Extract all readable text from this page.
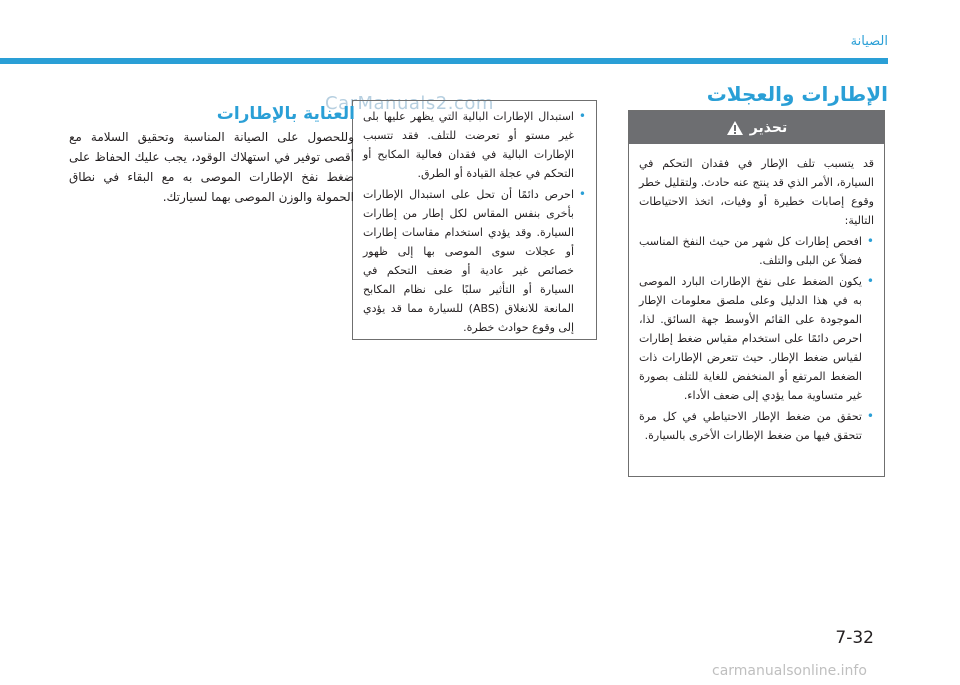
الصيانة
CarManuals2.com	الإطارات والعجلات
تحذير

قد يتسبب تلف الإطار في فقدان التحكم في السيارة، الأمر الذي قد ينتج عنه حادث. ولتقليل خطر وقوع إصابات خطيرة أو وفيات، اتخذ الاحتياطات التالية:

•
افحص إطارات كل شهر من حيث النفخ المناسب فضلاً عن البلى والتلف.
•
يكون الضغط على نفخ الإطارات البارد الموصى به في هذا الدليل وعلى ملصق معلومات الإطار الموجودة على القائم الأوسط جهة السائق. لذا، احرص دائمًا على استخدام مقياس ضغط إطارات لقياس ضغط الإطار. حيث تتعرض الإطارات ذات الضغط المرتفع أو المنخفض للغاية للتلف بصورة غير متساوية مما يؤدي إلى ضعف الأداء.
•
تحقق من ضغط الإطار الاحتياطي في كل مرة تتحقق فيها من ضغط الإطارات الأخرى بالسيارة.
•
استبدال الإطارات البالية التي يظهر عليها بلى غير مستو أو تعرضت للتلف. فقد تتسبب الإطارات البالية في فقدان فعالية المكابح أو التحكم في عجلة القيادة أو الطرق.
•
احرص دائمًا أن تحل على استبدال الإطارات بأخرى بنفس المقاس لكل إطار من إطارات السيارة. وقد يؤدي استخدام مقاسات إطارات أو عجلات سوى الموصى بها إلى ظهور خصائص غير عادية أو ضعف التحكم في السيارة أو التأثير سلبًا على نظام المكابح المانعة للانغلاق (ABS) للسيارة مما قد يؤدي إلى وقوع حوادث خطرة.
العناية بالإطارات
وللحصول على الصيانة المناسبة وتحقيق السلامة مع أقصى توفير في استهلاك الوقود، يجب عليك الحفاظ على ضغط نفخ الإطارات الموصى به مع البقاء في نطاق الحمولة والوزن الموصى بهما لسيارتك.
7-32
carmanualsonline.info
